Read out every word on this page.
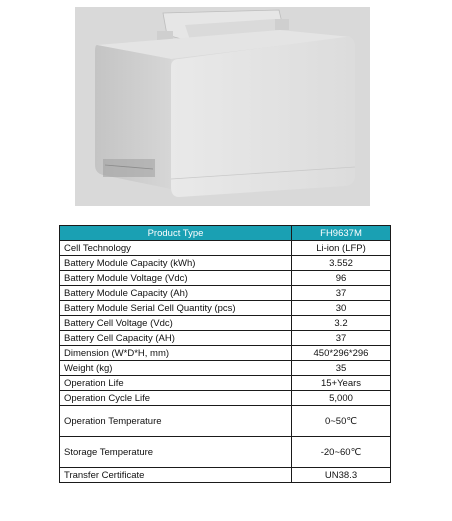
Product Type	FH9637M
Cell Technology	Li-ion (LFP)
Battery Module Capacity (kWh)	3.552
Battery Module Voltage (Vdc)	96
Battery Module Capacity (Ah)	37
Battery Module Serial Cell Quantity (pcs)	30
Battery Cell Voltage (Vdc)	3.2
Battery Cell Capacity (AH)	37
Dimension (W*D*H, mm)	450*296*296
Weight (kg)	35
Operation Life	15+Years
Operation Cycle Life	5,000
Operation Temperature	0~50℃
Storage Temperature	-20~60℃
Transfer Certificate	UN38.3
